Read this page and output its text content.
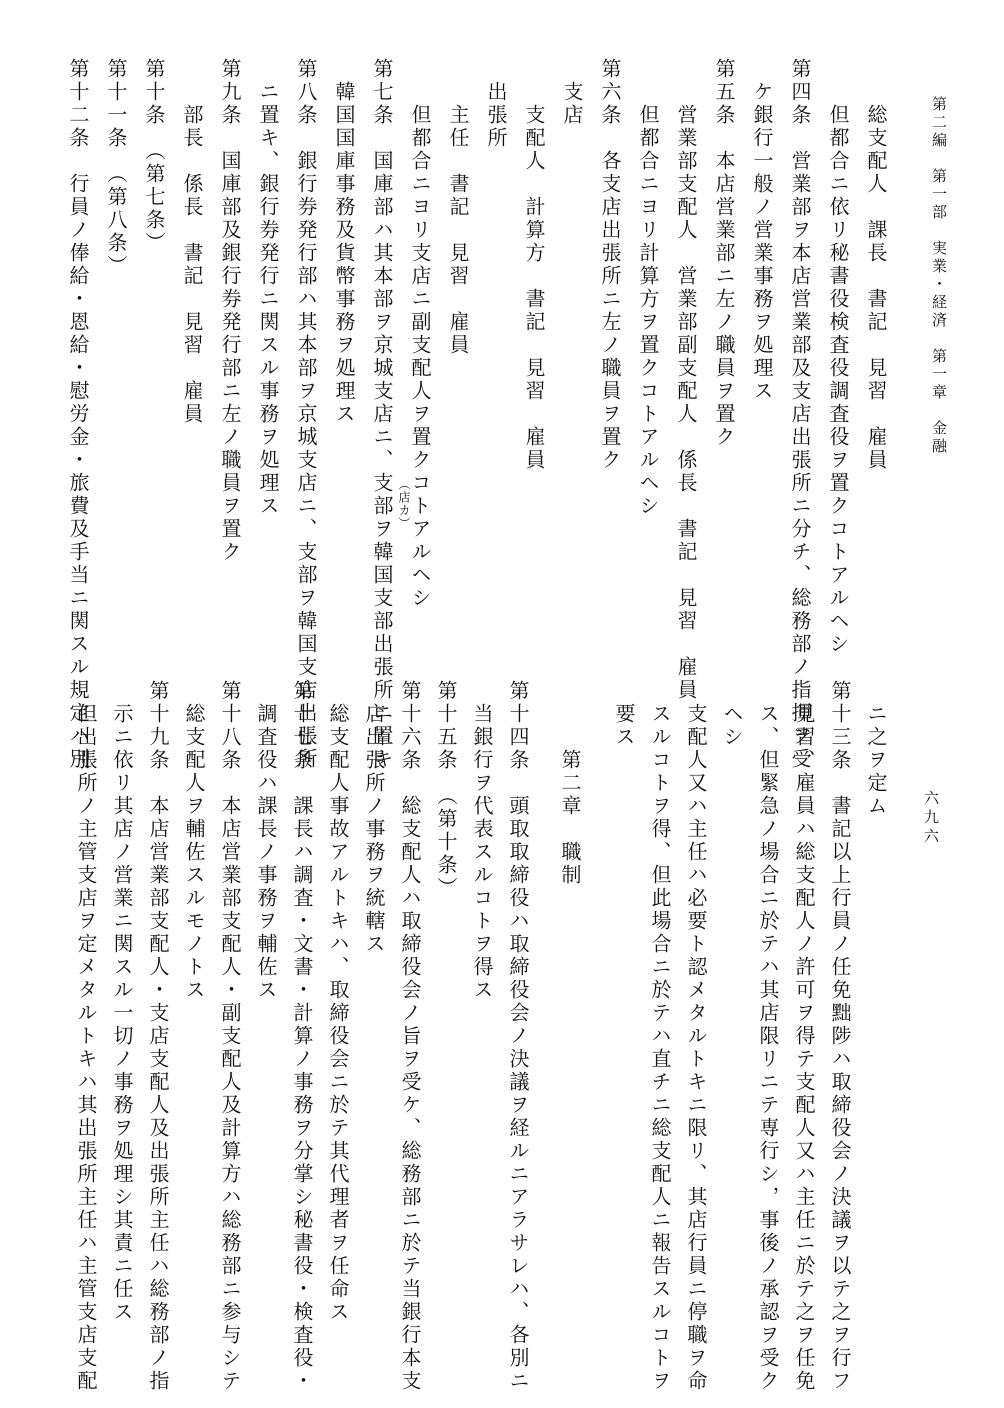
第二編　第一部　実業・経済　第一章　金融
六九六
　　総支配人　課長　書記　見習　雇員
　　但都合ニ依リ秘書役検査役調査役ヲ置クコトアルヘシ
第四条　営業部ヲ本店営業部及支店出張所ニ分チ、総務部ノ指揮ヲ受
　ケ銀行一般ノ営業事務ヲ処理ス
第五条　本店営業部ニ左ノ職員ヲ置ク
　　営業部支配人　営業部副支配人　係長　書記　見習　雇員
　　但都合ニヨリ計算方ヲ置クコトアルヘシ
第六条　各支店出張所ニ左ノ職員ヲ置ク
　支店
　　支配人　計算方　書記　見習　雇員
　出張所
　　主任　書記　見習　雇員
　　但都合ニヨリ支店ニ副支配人ヲ置クコトアルヘシ
第七条　国庫部ハ其本部ヲ京城支店ニ、支部ヲ韓国支部出張所ニ置キ
　韓国国庫事務及貨幣事務ヲ処理ス
第八条　銀行券発行部ハ其本部ヲ京城支店ニ、支部ヲ韓国支店出張所
　ニ置キ、銀行券発行ニ関スル事務ヲ処理ス
第九条　国庫部及銀行券発行部ニ左ノ職員ヲ置ク
　　部長　係長　書記　見習　雇員
第十条　（第七条）
第十一条　（第八条）
第十二条　行員ノ俸給・恩給・慰労金・旅費及手当ニ関スル規定ハ別	（店カ）
　ニ之ヲ定ム
第十三条　書記以上行員ノ任免黜陟ハ取締役会ノ決議ヲ以テ之ヲ行フ
　見習、雇員ハ総支配人ノ許可ヲ得テ支配人又ハ主任ニ於テ之ヲ任免
　ス、但緊急ノ場合ニ於テハ其店限リニテ専行シ，事後ノ承認ヲ受ク
　ヘシ
　支配人又ハ主任ハ必要ト認メタルトキニ限リ、其店行員ニ停職ヲ命
　スルコトヲ得、但此場合ニ於テハ直チニ総支配人ニ報告スルコトヲ
　要ス
　　　第二章　職制
第十四条　頭取取締役ハ取締役会ノ決議ヲ経ルニアラサレハ、各別ニ
　当銀行ヲ代表スルコトヲ得ス
第十五条　（第十条）
第十六条　総支配人ハ取締役会ノ旨ヲ受ケ、総務部ニ於テ当銀行本支
　店出張所ノ事務ヲ統轄ス
　総支配人事故アルトキハ、取締役会ニ於テ其代理者ヲ任命ス
第十七条　課長ハ調査・文書・計算ノ事務ヲ分掌シ秘書役・検査役・
　調査役ハ課長ノ事務ヲ輔佐ス
第十八条　本店営業部支配人・副支配人及計算方ハ総務部ニ参与シテ
　総支配人ヲ輔佐スルモノトス
第十九条　本店営業部支配人・支店支配人及出張所主任ハ総務部ノ指
　示ニ依リ其店ノ営業ニ関スル一切ノ事務ヲ処理シ其責ニ任ス
　但出張所ノ主管支店ヲ定メタルトキハ其出張所主任ハ主管支店支配
